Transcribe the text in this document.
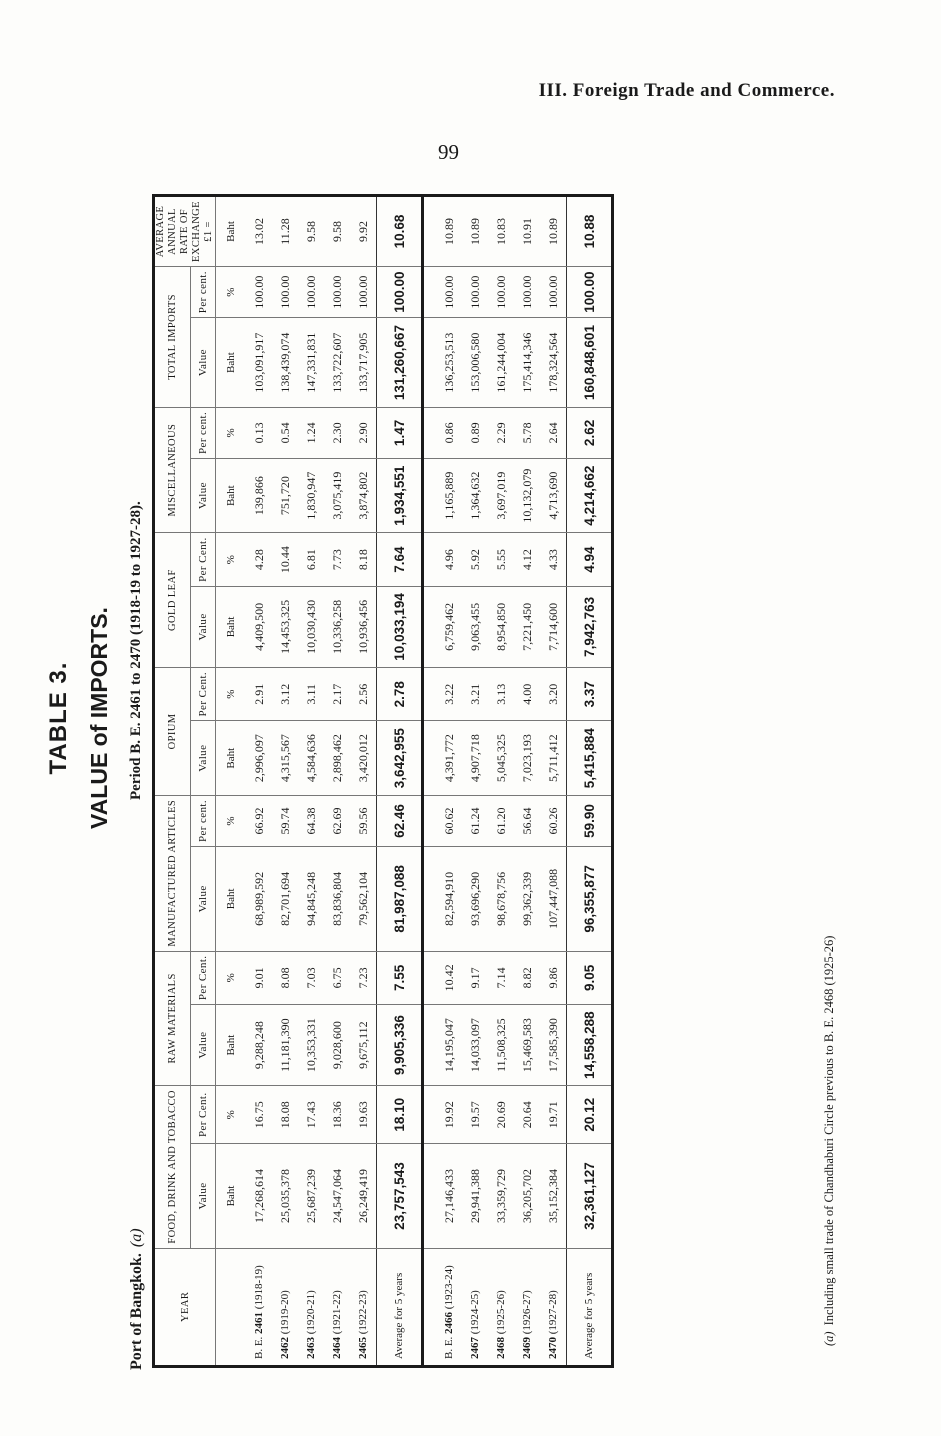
III. Foreign Trade and Commerce.
99
TABLE 3. VALUE of IMPORTS.
Port of Bangkok.(a)
Period B. E. 2461 to 2470 (1918-19 to 1927-28).
YEAR	FOOD, DRINK AND TOBACCO		RAW MATERIALS		MANUFACTURED ARTICLES		OPIUM		GOLD LEAF		MISCELLANEOUS		TOTAL IMPORTS		AVERAGE ANNUAL RATE OF EXCHANGE £1 =
	Value	Per Cent.	Value	Per Cent.	Value	Per cent.	Value	Per Cent.	Value	Per Cent.	Value	Per cent.	Value	Per cent.	
	Baht	%	Baht	%	Baht	%	Baht	%	Baht	%	Baht	%	Baht	%	Baht
B. E. 2461 (1918-19)	17,268,614	16.75	9,288,248	9.01	68,989,592	66.92	2,996,097	2.91	4,409,500	4.28	139,866	0.13	103,091,917	100.00	13.02
2462 (1919-20)	25,035,378	18.08	11,181,390	8.08	82,701,694	59.74	4,315,567	3.12	14,453,325	10.44	751,720	0.54	138,439,074	100.00	11.28
2463 (1920-21)	25,687,239	17.43	10,353,331	7.03	94,845,248	64.38	4,584,636	3.11	10,030,430	6.81	1,830,947	1.24	147,331,831	100.00	9.58
2464 (1921-22)	24,547,064	18.36	9,028,600	6.75	83,836,804	62.69	2,898,462	2.17	10,336,258	7.73	3,075,419	2.30	133,722,607	100.00	9.58
2465 (1922-23)	26,249,419	19.63	9,675,112	7.23	79,562,104	59.56	3,420,012	2.56	10,936,456	8.18	3,874,802	2.90	133,717,905	100.00	9.92
Average for 5 years	23,757,543	18.10	9,905,336	7.55	81,987,088	62.46	3,642,955	2.78	10,033,194	7.64	1,934,551	1.47	131,260,667	100.00	10.68

B. E. 2466 (1923-24)	27,146,433	19.92	14,195,047	10.42	82,594,910	60.62	4,391,772	3.22	6,759,462	4.96	1,165,889	0.86	136,253,513	100.00	10.89
2467 (1924-25)	29,941,388	19.57	14,033,097	9.17	93,696,290	61.24	4,907,718	3.21	9,063,455	5.92	1,364,632	0.89	153,006,580	100.00	10.89
2468 (1925-26)	33,359,729	20.69	11,508,325	7.14	98,678,756	61.20	5,045,325	3.13	8,954,850	5.55	3,697,019	2.29	161,244,004	100.00	10.83
2469 (1926-27)	36,205,702	20.64	15,469,583	8.82	99,362,339	56.64	7,023,193	4.00	7,221,450	4.12	10,132,079	5.78	175,414,346	100.00	10.91
2470 (1927-28)	35,152,384	19.71	17,585,390	9.86	107,447,088	60.26	5,711,412	3.20	7,714,600	4.33	4,713,690	2.64	178,324,564	100.00	10.89
Average for 5 years	32,361,127	20.12	14,558,288	9.05	96,355,877	59.90	5,415,884	3.37	7,942,763	4.94	4,214,662	2.62	160,848,601	100.00	10.88
(a)Including small trade of Chandhaburi Circle previous to B. E. 2468 (1925-26)
